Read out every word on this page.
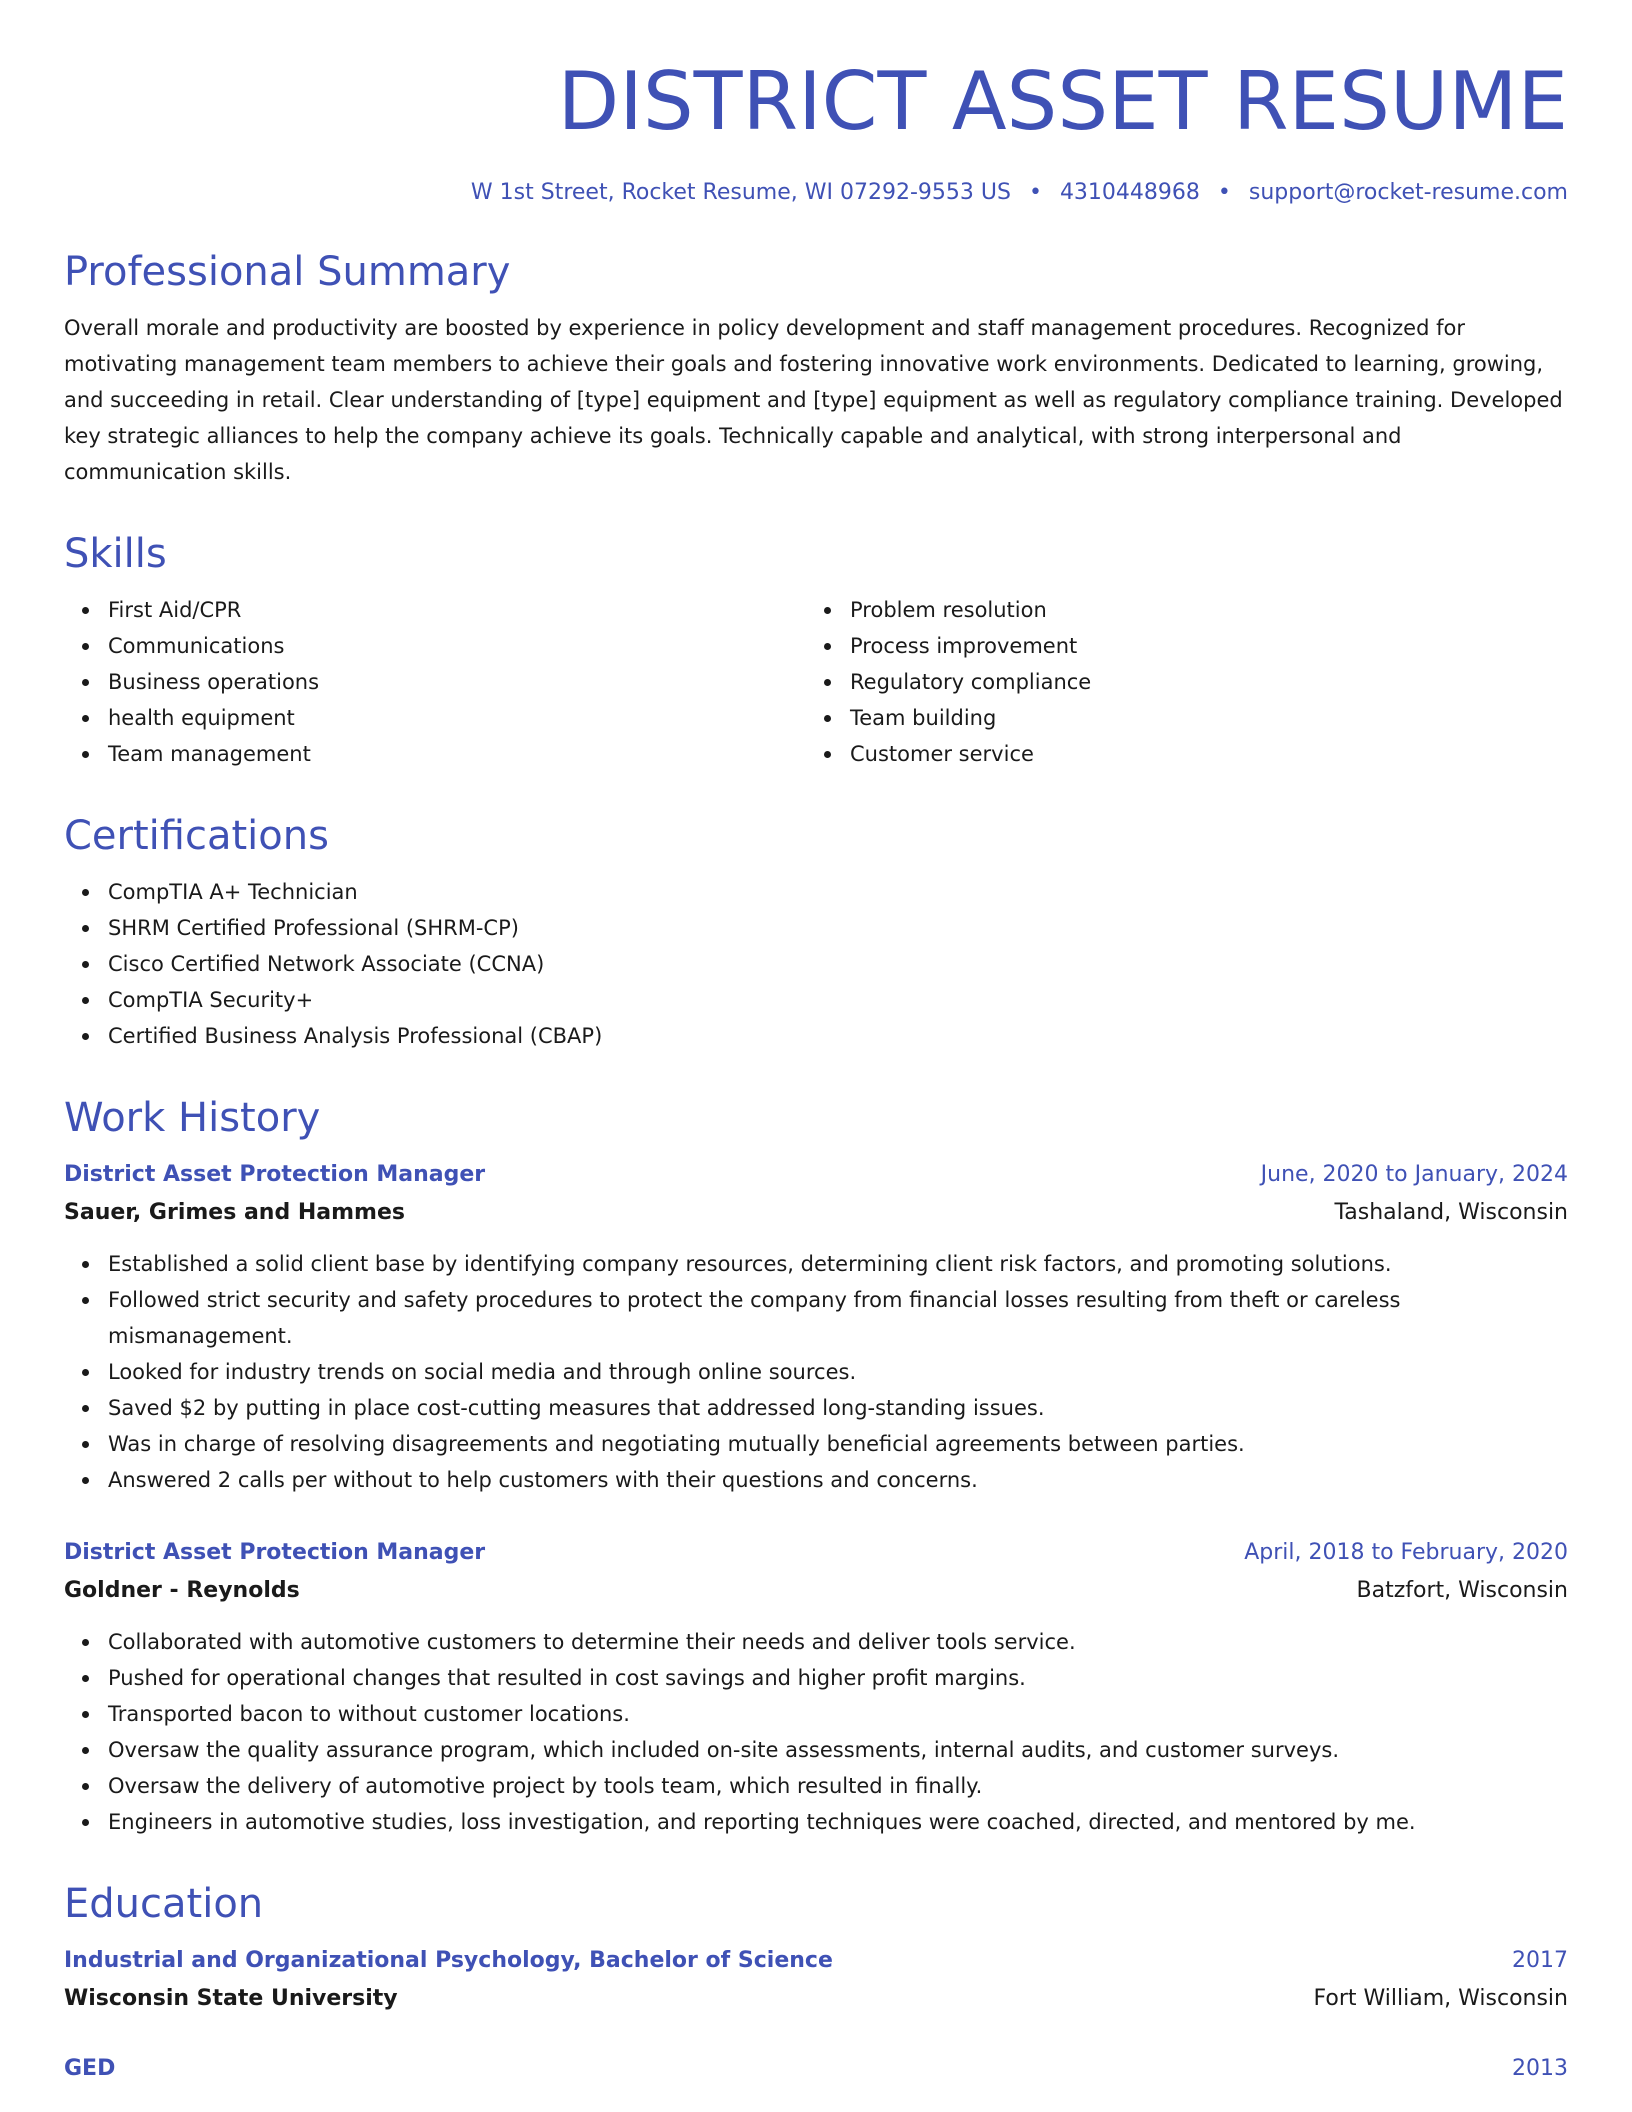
DISTRICT ASSET RESUME
W 1st Street, Rocket Resume, WI 07292-9553 US • 4310448968 • support@rocket-resume.com
Professional Summary
Overall morale and productivity are boosted by experience in policy development and staff management procedures. Recognized for motivating management team members to achieve their goals and fostering innovative work environments. Dedicated to learning, growing, and succeeding in retail. Clear understanding of [type] equipment and [type] equipment as well as regulatory compliance training. Developed key strategic alliances to help the company achieve its goals. Technically capable and analytical, with strong interpersonal and communication skills.
Skills
First Aid/CPR
Communications
Business operations
health equipment
Team management
Problem resolution
Process improvement
Regulatory compliance
Team building
Customer service
Certifications
CompTIA A+ Technician
SHRM Certified Professional (SHRM-CP)
Cisco Certified Network Associate (CCNA)
CompTIA Security+
Certified Business Analysis Professional (CBAP)
Work History
District Asset Protection Manager	June, 2020 to January, 2024
Sauer, Grimes and Hammes	Tashaland, Wisconsin
Established a solid client base by identifying company resources, determining client risk factors, and promoting solutions.
Followed strict security and safety procedures to protect the company from financial losses resulting from theft or careless mismanagement.
Looked for industry trends on social media and through online sources.
Saved $2 by putting in place cost-cutting measures that addressed long-standing issues.
Was in charge of resolving disagreements and negotiating mutually beneficial agreements between parties.
Answered 2 calls per without to help customers with their questions and concerns.
District Asset Protection Manager	April, 2018 to February, 2020
Goldner - Reynolds	Batzfort, Wisconsin
Collaborated with automotive customers to determine their needs and deliver tools service.
Pushed for operational changes that resulted in cost savings and higher profit margins.
Transported bacon to without customer locations.
Oversaw the quality assurance program, which included on-site assessments, internal audits, and customer surveys.
Oversaw the delivery of automotive project by tools team, which resulted in finally.
Engineers in automotive studies, loss investigation, and reporting techniques were coached, directed, and mentored by me.
Education
Industrial and Organizational Psychology, Bachelor of Science	2017
Wisconsin State University	Fort William, Wisconsin
GED	2013
